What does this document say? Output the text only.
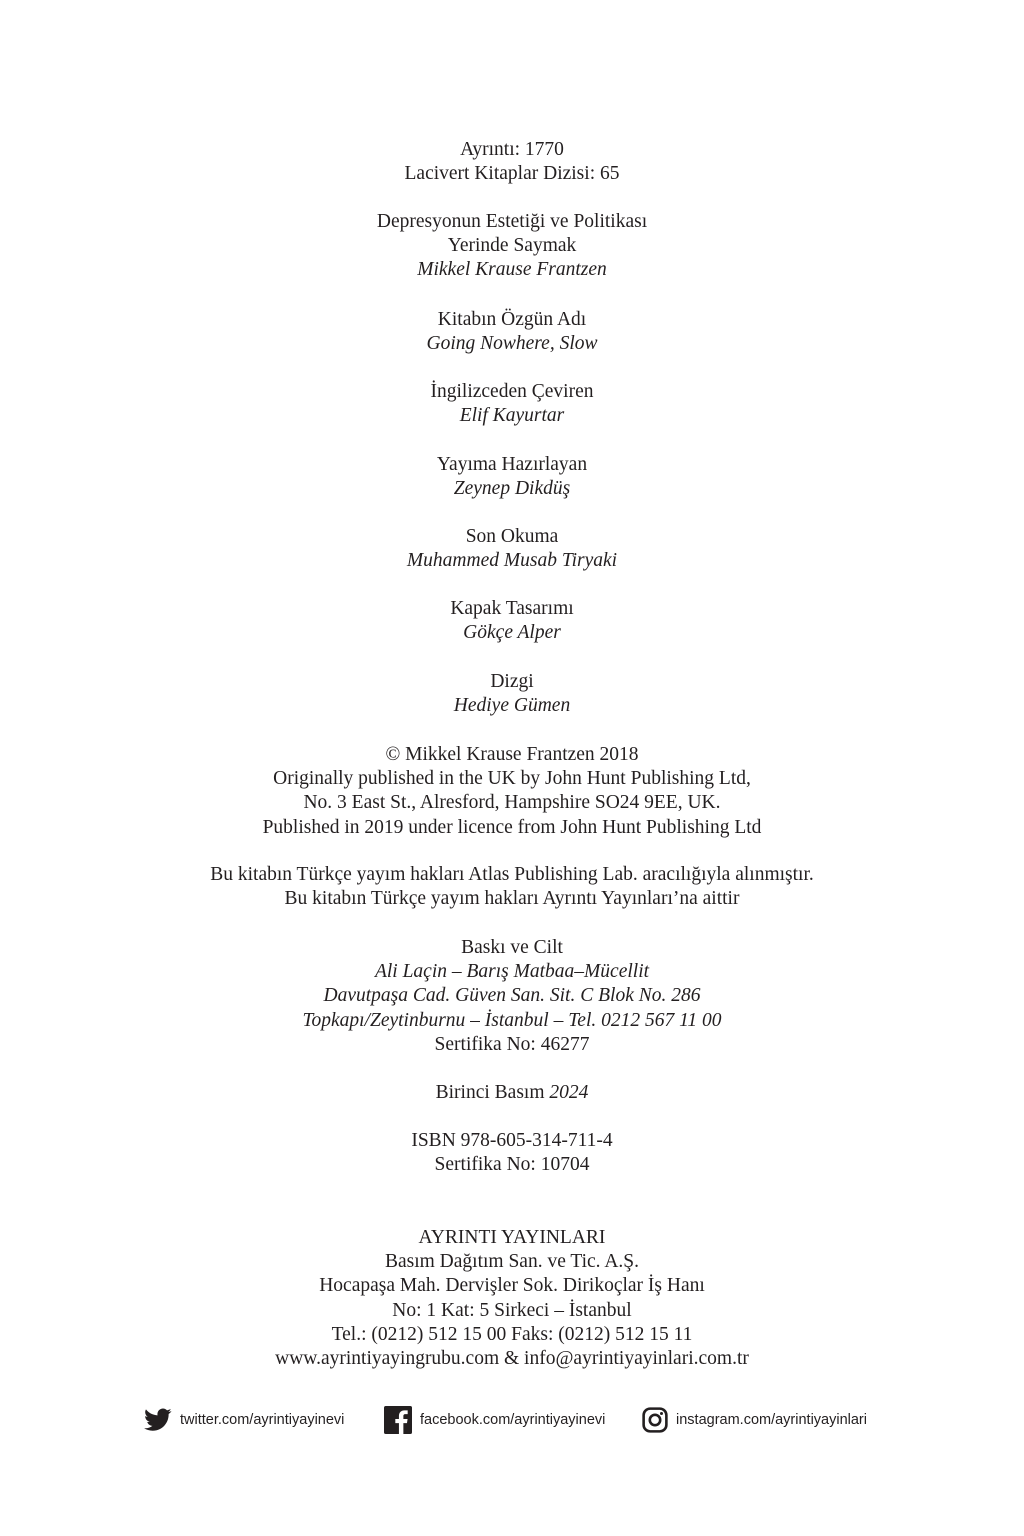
Ayrıntı: 1770
Lacivert Kitaplar Dizisi: 65
Depresyonun Estetiği ve Politikası
Yerinde Saymak
Mikkel Krause Frantzen
Kitabın Özgün Adı
Going Nowhere, Slow
İngilizceden Çeviren
Elif Kayurtar
Yayıma Hazırlayan
Zeynep Dikdüş
Son Okuma
Muhammed Musab Tiryaki
Kapak Tasarımı
Gökçe Alper
Dizgi
Hediye Gümen
© Mikkel Krause Frantzen 2018
Originally published in the UK by John Hunt Publishing Ltd,
No. 3 East St., Alresford, Hampshire SO24 9EE, UK.
Published in 2019 under licence from John Hunt Publishing Ltd
Bu kitabın Türkçe yayım hakları Atlas Publishing Lab. aracılığıyla alınmıştır.
Bu kitabın Türkçe yayım hakları Ayrıntı Yayınları’na aittir
Baskı ve Cilt
Ali Laçin – Barış Matbaa–Mücellit
Davutpaşa Cad. Güven San. Sit. C Blok No. 286
Topkapı/Zeytinburnu – İstanbul – Tel. 0212 567 11 00
Sertifika No: 46277
Birinci Basım 2024
ISBN 978-605-314-711-4
Sertifika No: 10704
AYRINTI YAYINLARI
Basım Dağıtım San. ve Tic. A.Ş.
Hocapaşa Mah. Dervişler Sok. Dirikoçlar İş Hanı
No: 1 Kat: 5 Sirkeci – İstanbul
Tel.: (0212) 512 15 00 Faks: (0212) 512 15 11
www.ayrintiyayingrubu.com & info@ayrintiyayinlari.com.tr
twitter.com/ayrintiyayinevi	facebook.com/ayrintiyayinevi	instagram.com/ayrintiyayinlari
